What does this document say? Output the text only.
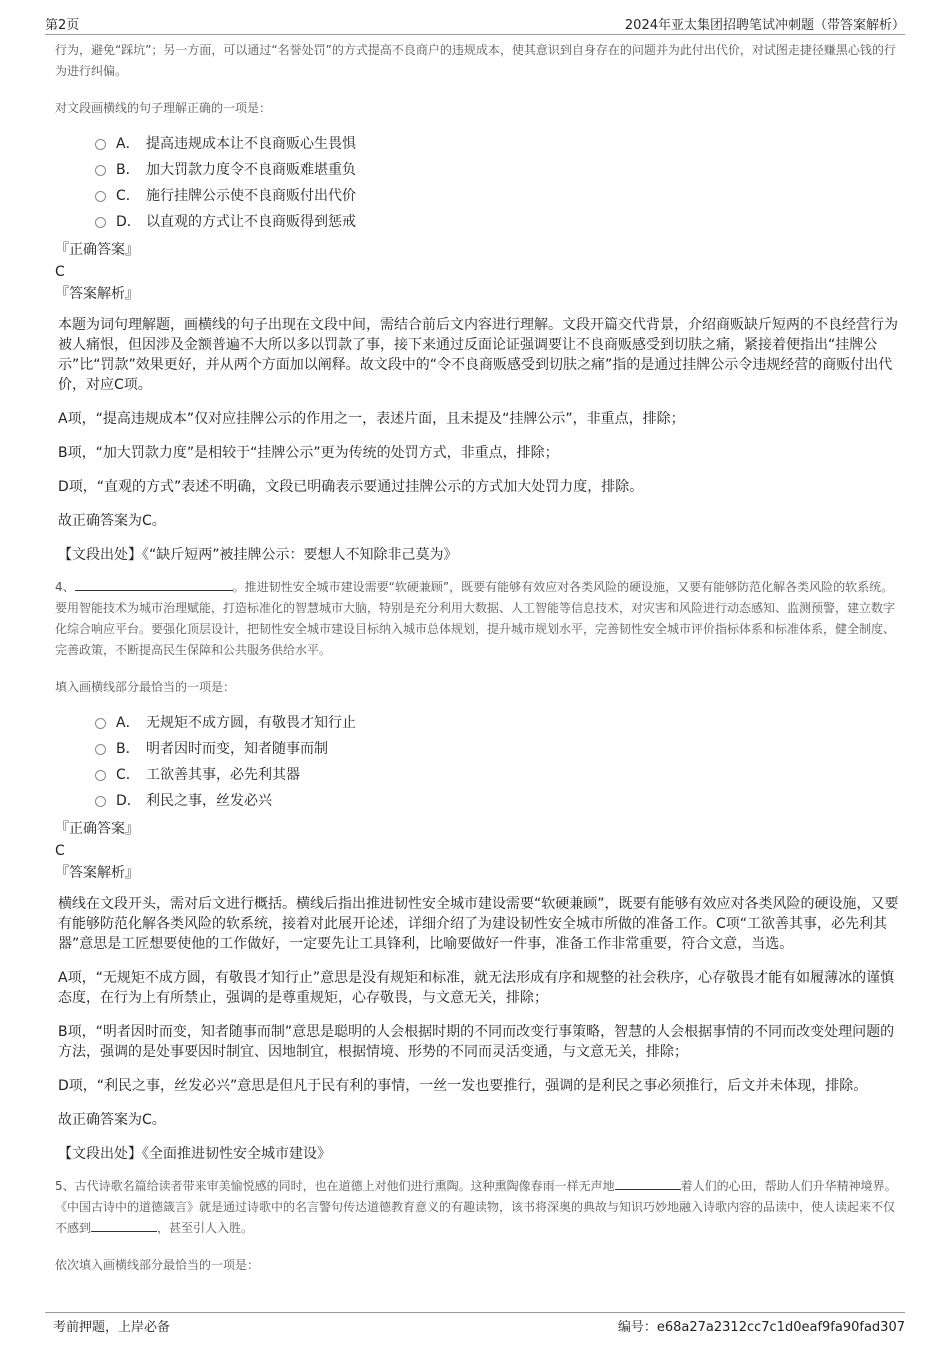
第2页	2024年亚太集团招聘笔试冲刺题（带答案解析）

行为，避免“踩坑”；另一方面，可以通过“名誉处罚”的方式提高不良商户的违规成本，使其意识到自身存在的问题并为此付出代价，对试图走捷径赚黑心钱的行为进行纠偏。

对文段画横线的句子理解正确的一项是：

A． 提高违规成本让不良商贩心生畏惧
B． 加大罚款力度令不良商贩难堪重负
C． 施行挂牌公示使不良商贩付出代价
D． 以直观的方式让不良商贩得到惩戒

『正确答案』

C

『答案解析』

本题为词句理解题，画横线的句子出现在文段中间，需结合前后文内容进行理解。文段开篇交代背景，介绍商贩缺斤短两的不良经营行为被人痛恨，但因涉及金额普遍不大所以多以罚款了事，接下来通过反面论证强调要让不良商贩感受到切肤之痛，紧接着便指出“挂牌公示”比“罚款”效果更好，并从两个方面加以阐释。故文段中的“令不良商贩感受到切肤之痛”指的是通过挂牌公示令违规经营的商贩付出代价，对应C项。

A项，“提高违规成本”仅对应挂牌公示的作用之一，表述片面，且未提及“挂牌公示”，非重点，排除；

B项，“加大罚款力度”是相较于“挂牌公示”更为传统的处罚方式，非重点，排除；

D项，“直观的方式”表述不明确，文段已明确表示要通过挂牌公示的方式加大处罚力度，排除。

故正确答案为C。

【文段出处】《“缺斤短两”被挂牌公示：要想人不知除非己莫为》

4、	。推进韧性安全城市建设需要“软硬兼顾”，既要有能够有效应对各类风险的硬设施，又要有能够防范化解各类风险的软系统。要用智能技术为城市治理赋能，打造标准化的智慧城市大脑，特别是充分利用大数据、人工智能等信息技术，对灾害和风险进行动态感知、监测预警，建立数字化综合响应平台。要强化顶层设计，把韧性安全城市建设目标纳入城市总体规划，提升城市规划水平，完善韧性安全城市评价指标体系和标准体系，健全制度、完善政策，不断提高民生保障和公共服务供给水平。

填入画横线部分最恰当的一项是：

A． 无规矩不成方圆，有敬畏才知行止
B． 明者因时而变，知者随事而制
C． 工欲善其事，必先利其器
D． 利民之事，丝发必兴

『正确答案』

C

『答案解析』

横线在文段开头，需对后文进行概括。横线后指出推进韧性安全城市建设需要“软硬兼顾”，既要有能够有效应对各类风险的硬设施，又要有能够防范化解各类风险的软系统，接着对此展开论述，详细介绍了为建设韧性安全城市所做的准备工作。C项“工欲善其事，必先利其器”意思是工匠想要使他的工作做好，一定要先让工具锋利，比喻要做好一件事，准备工作非常重要，符合文意，当选。

A项，“无规矩不成方圆，有敬畏才知行止”意思是没有规矩和标准，就无法形成有序和规整的社会秩序，心存敬畏才能有如履薄冰的谨慎态度，在行为上有所禁止，强调的是尊重规矩，心存敬畏，与文意无关，排除；

B项，“明者因时而变，知者随事而制”意思是聪明的人会根据时期的不同而改变行事策略，智慧的人会根据事情的不同而改变处理问题的方法，强调的是处事要因时制宜、因地制宜，根据情境、形势的不同而灵活变通，与文意无关，排除；

D项，“利民之事，丝发必兴”意思是但凡于民有利的事情，一丝一发也要推行，强调的是利民之事必须推行，后文并未体现，排除。

故正确答案为C。

【文段出处】《全面推进韧性安全城市建设》

5、古代诗歌名篇给读者带来审美愉悦感的同时，也在道德上对他们进行熏陶。这种熏陶像春雨一样无声地	着人们的心田，帮助人们升华精神境界。《中国古诗中的道德箴言》就是通过诗歌中的名言警句传达道德教育意义的有趣读物，该书将深奥的典故与知识巧妙地融入诗歌内容的品读中，使人读起来不仅不感到	，甚至引人入胜。

依次填入画横线部分最恰当的一项是：

考前押题，上岸必备	编号：e68a27a2312cc7c1d0eaf9fa90fad307
